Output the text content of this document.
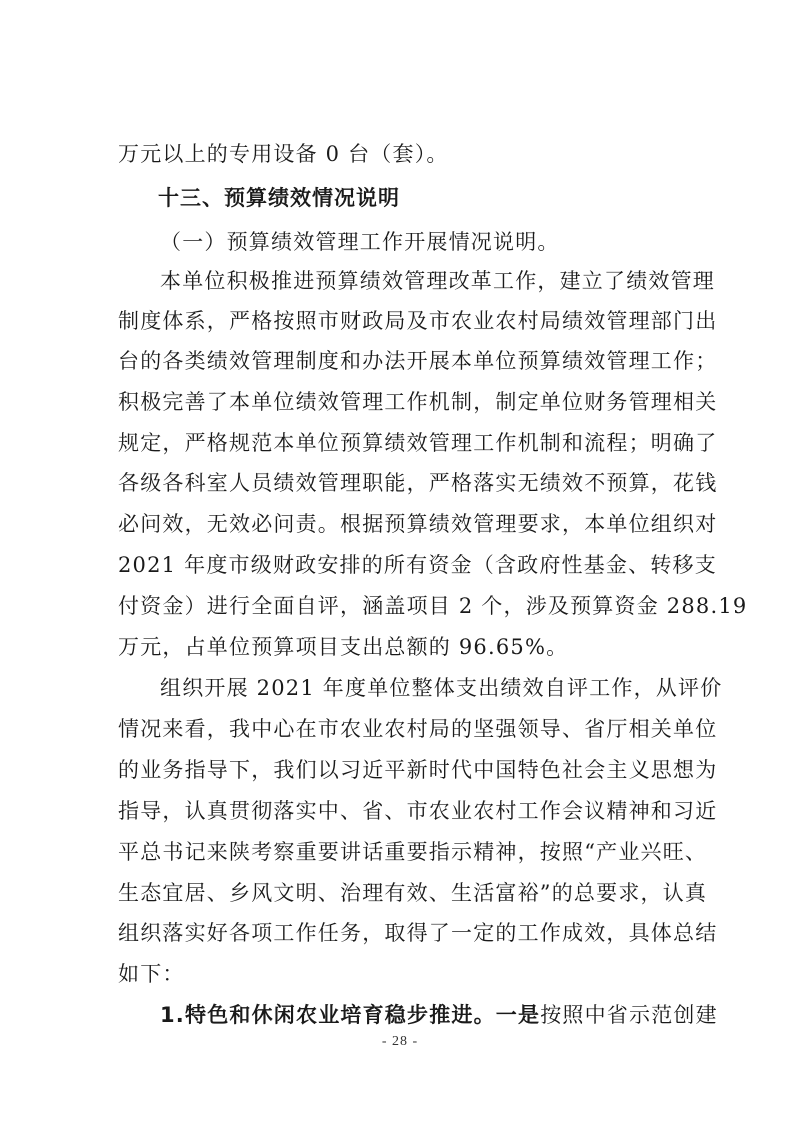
万元以上的专用设备 0 台（套）。
十三、预算绩效情况说明
（一）预算绩效管理工作开展情况说明。
本单位积极推进预算绩效管理改革工作，建立了绩效管理
制度体系，严格按照市财政局及市农业农村局绩效管理部门出
台的各类绩效管理制度和办法开展本单位预算绩效管理工作；
积极完善了本单位绩效管理工作机制，制定单位财务管理相关
规定，严格规范本单位预算绩效管理工作机制和流程；明确了
各级各科室人员绩效管理职能，严格落实无绩效不预算，花钱
必问效，无效必问责。根据预算绩效管理要求，本单位组织对
2021 年度市级财政安排的所有资金（含政府性基金、转移支
付资金）进行全面自评，涵盖项目 2 个，涉及预算资金 288.19
万元，占单位预算项目支出总额的 96.65%。
组织开展 2021 年度单位整体支出绩效自评工作，从评价
情况来看，我中心在市农业农村局的坚强领导、省厅相关单位
的业务指导下，我们以习近平新时代中国特色社会主义思想为
指导，认真贯彻落实中、省、市农业农村工作会议精神和习近
平总书记来陕考察重要讲话重要指示精神，按照“产业兴旺、
生态宜居、乡风文明、治理有效、生活富裕”的总要求，认真
组织落实好各项工作任务，取得了一定的工作成效，具体总结
如下：
1.特色和休闲农业培育稳步推进。一是按照中省示范创建
- 28 -
